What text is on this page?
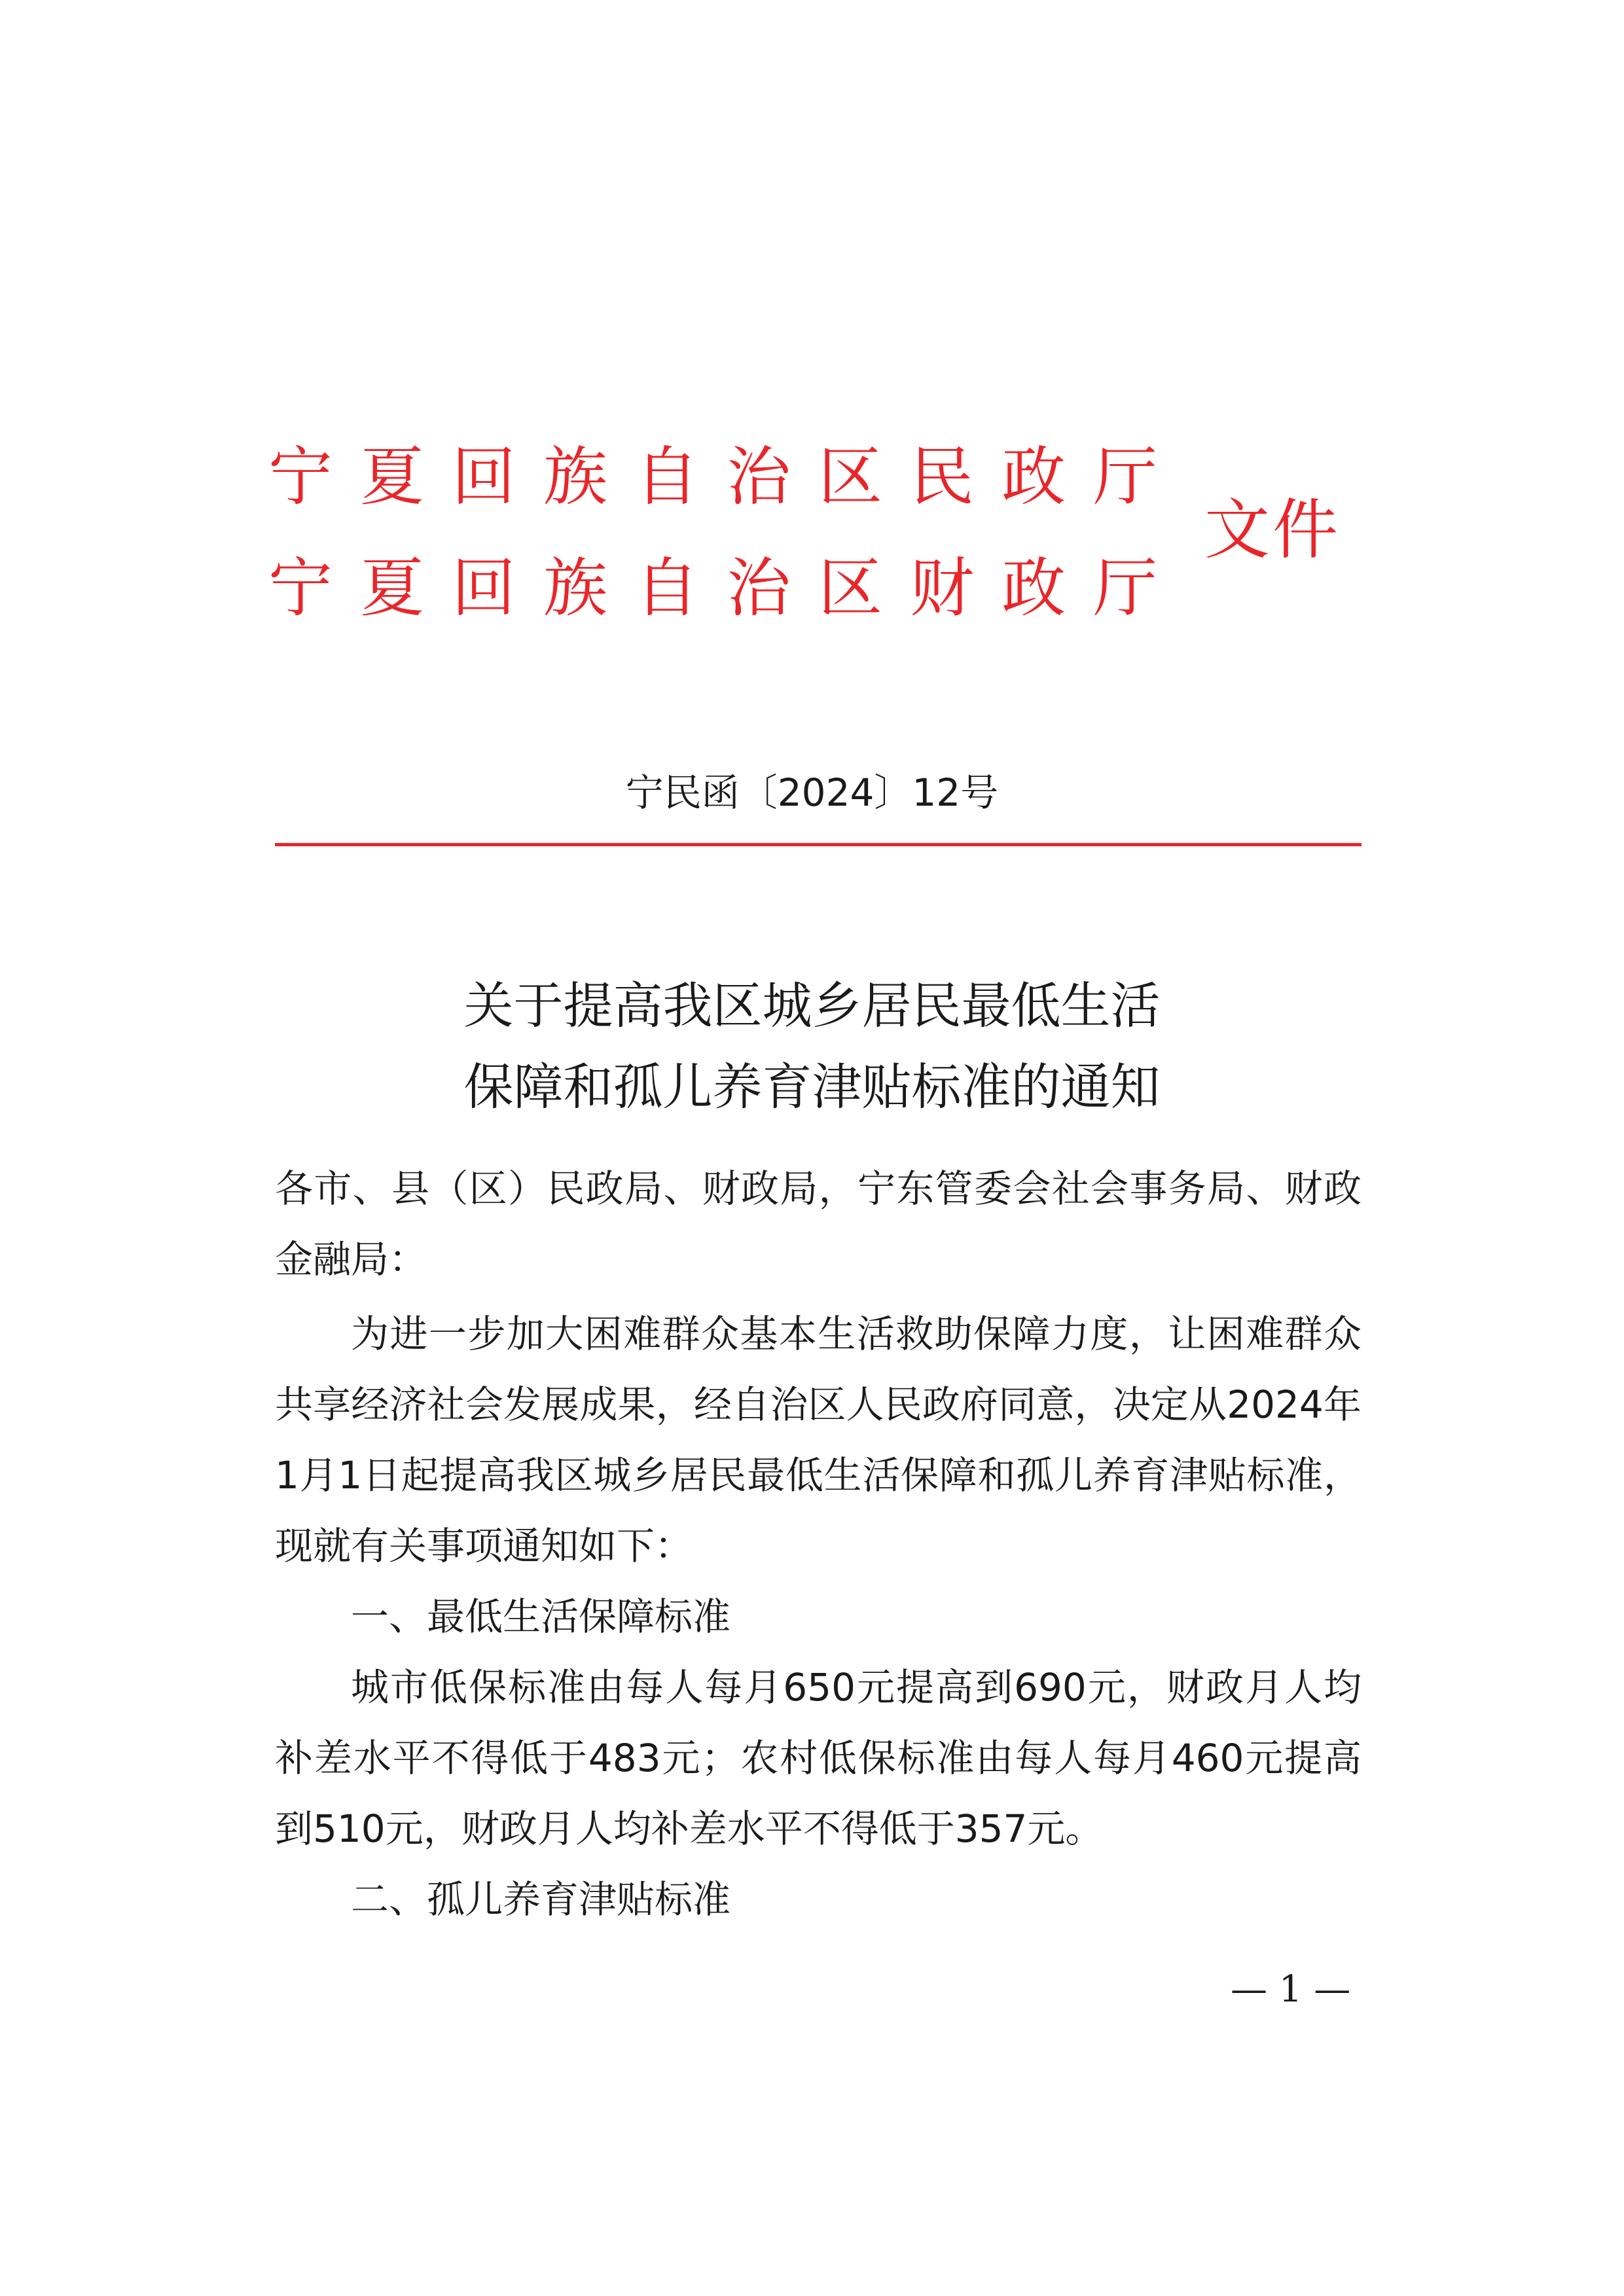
宁夏回族自治区民政厅
宁夏回族自治区财政厅
文件
宁民函〔2024〕12号
关于提高我区城乡居民最低生活
保障和孤儿养育津贴标准的通知

各市、县（区）民政局、财政局，宁东管委会社会事务局、财政金融局：

为进一步加大困难群众基本生活救助保障力度，让困难群众共享经济社会发展成果，经自治区人民政府同意，决定从2024年1月1日起提高我区城乡居民最低生活保障和孤儿养育津贴标准，现就有关事项通知如下：

一、最低生活保障标准

城市低保标准由每人每月650元提高到690元，财政月人均补差水平不得低于483元；农村低保标准由每人每月460元提高到510元，财政月人均补差水平不得低于357元。

二、孤儿养育津贴标准

— 1 —
